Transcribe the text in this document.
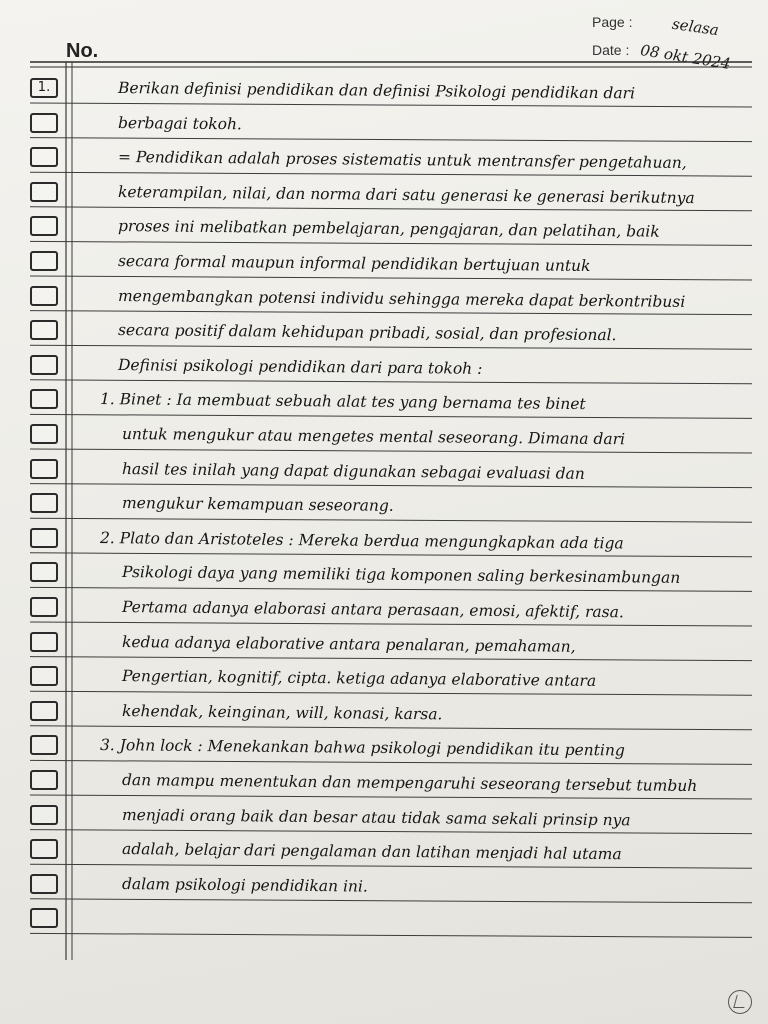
No.
Page :	selasa
Date : 08 okt 2024
1.	Berikan definisi pendidikan dan definisi Psikologi pendidikan dari
berbagai tokoh.
= Pendidikan adalah proses sistematis untuk mentransfer pengetahuan,
keterampilan, nilai, dan norma dari satu generasi ke generasi berikutnya
proses ini melibatkan pembelajaran, pengajaran, dan pelatihan, baik
secara formal maupun informal pendidikan bertujuan untuk
mengembangkan potensi individu sehingga mereka dapat berkontribusi
secara positif dalam kehidupan pribadi, sosial, dan profesional.
Definisi psikologi pendidikan dari para tokoh :
1. Binet : Ia membuat sebuah alat tes yang bernama tes binet
untuk mengukur atau mengetes mental seseorang. Dimana dari
hasil tes inilah yang dapat digunakan sebagai evaluasi dan
mengukur kemampuan seseorang.
2. Plato dan Aristoteles : Mereka berdua mengungkapkan ada tiga
Psikologi daya yang memiliki tiga komponen saling berkesinambungan
Pertama adanya elaborasi antara perasaan, emosi, afektif, rasa.
kedua adanya elaborative antara penalaran, pemahaman,
Pengertian, kognitif, cipta. ketiga adanya elaborative antara
kehendak, keinginan, will, konasi, karsa.
3. John lock : Menekankan bahwa psikologi pendidikan itu penting
dan mampu menentukan dan mempengaruhi seseorang tersebut tumbuh
menjadi orang baik dan besar atau tidak sama sekali prinsip nya
adalah, belajar dari pengalaman dan latihan menjadi hal utama
dalam psikologi pendidikan ini.
